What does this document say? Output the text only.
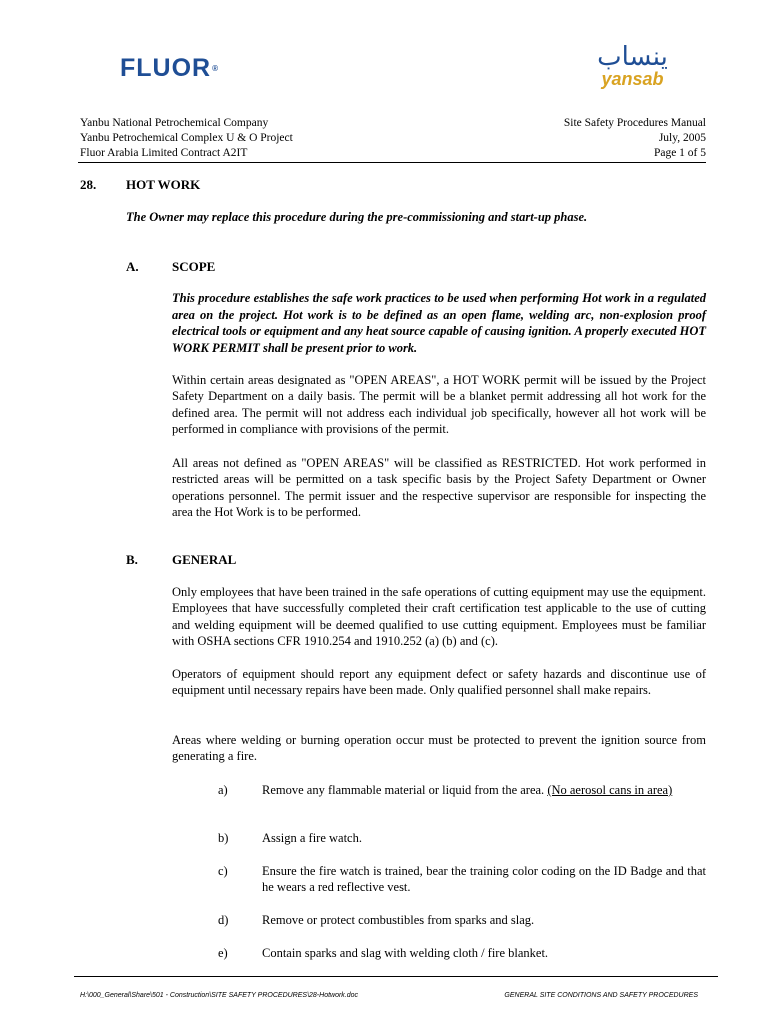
FLUOR®	ينساب
yansab
Yanbu National Petrochemical Company
Yanbu Petrochemical Complex U & O Project
Fluor Arabia Limited Contract A2IT
Site Safety Procedures Manual
July, 2005
Page 1 of 5
28. HOT WORK
The Owner may replace this procedure during the pre-commissioning and start-up phase.
A.	SCOPE
This procedure establishes the safe work practices to be used when performing Hot work in a regulated area on the project. Hot work is to be defined as an open flame, welding arc, non-explosion proof electrical tools or equipment and any heat source capable of causing ignition. A properly executed HOT WORK PERMIT shall be present prior to work.
Within certain areas designated as "OPEN AREAS", a HOT WORK permit will be issued by the Project Safety Department on a daily basis. The permit will be a blanket permit addressing all hot work for the defined area. The permit will not address each individual job specifically, however all hot work will be performed in compliance with provisions of the permit.
All areas not defined as "OPEN AREAS" will be classified as RESTRICTED. Hot work performed in restricted areas will be permitted on a task specific basis by the Project Safety Department or Owner operations personnel. The permit issuer and the respective supervisor are responsible for inspecting the area the Hot Work is to be performed.
B.	GENERAL
Only employees that have been trained in the safe operations of cutting equipment may use the equipment. Employees that have successfully completed their craft certification test applicable to the use of cutting and welding equipment will be deemed qualified to use cutting equipment. Employees must be familiar with OSHA sections CFR 1910.254 and 1910.252 (a) (b) and (c).
Operators of equipment should report any equipment defect or safety hazards and discontinue use of equipment until necessary repairs have been made. Only qualified personnel shall make repairs.
Areas where welding or burning operation occur must be protected to prevent the ignition source from generating a fire.
a)	Remove any flammable material or liquid from the area. (No aerosol cans in area)
b)	Assign a fire watch.
c)	Ensure the fire watch is trained, bear the training color coding on the ID Badge and that he wears a red reflective vest.
d)	Remove or protect combustibles from sparks and slag.
e)	Contain sparks and slag with welding cloth / fire blanket.
H:\000_General\Share\501 - Construction\SITE SAFETY PROCEDURES\28-Hotwork.doc	GENERAL SITE CONDITIONS AND SAFETY PROCEDURES
